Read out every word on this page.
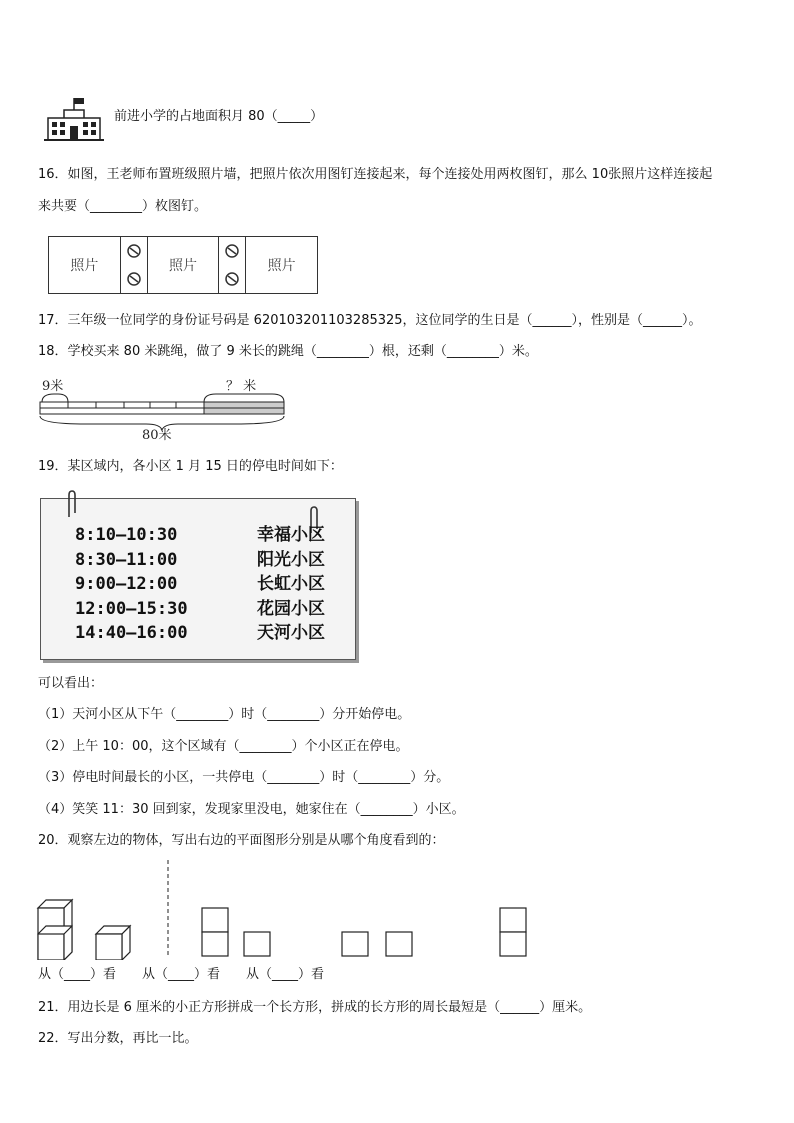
前进小学的占地面积月 80（_____）
16．如图，王老师布置班级照片墙，把照片依次用图钉连接起来，每个连接处用两枚图钉，那么 10张照片这样连接起
来共要（________）枚图钉。
照片	照片	照片
17．三年级一位同学的身份证号码是 620103201103285325，这位同学的生日是（______），性别是（______）。
18．学校买来 80 米跳绳，做了 9 米长的跳绳（________）根，还剩（________）米。
9米	？ 米
80米
19．某区域内，各小区 1 月 15 日的停电时间如下：
8:10—10:30	幸福小区
8:30—11:00	阳光小区
9:00—12:00	长虹小区
12:00—15:30	花园小区
14:40—16:00	天河小区
可以看出：
（1）天河小区从下午（________）时（________）分开始停电。
（2）上午 10：00，这个区域有（________）个小区正在停电。
（3）停电时间最长的小区，一共停电（________）时（________）分。
（4）笑笑 11：30 回到家，发现家里没电，她家住在（________）小区。
20．观察左边的物体，写出右边的平面图形分别是从哪个角度看到的：
从（____）看 从（____）看 从（____）看
21．用边长是 6 厘米的小正方形拼成一个长方形，拼成的长方形的周长最短是（______）厘米。
22．写出分数，再比一比。
